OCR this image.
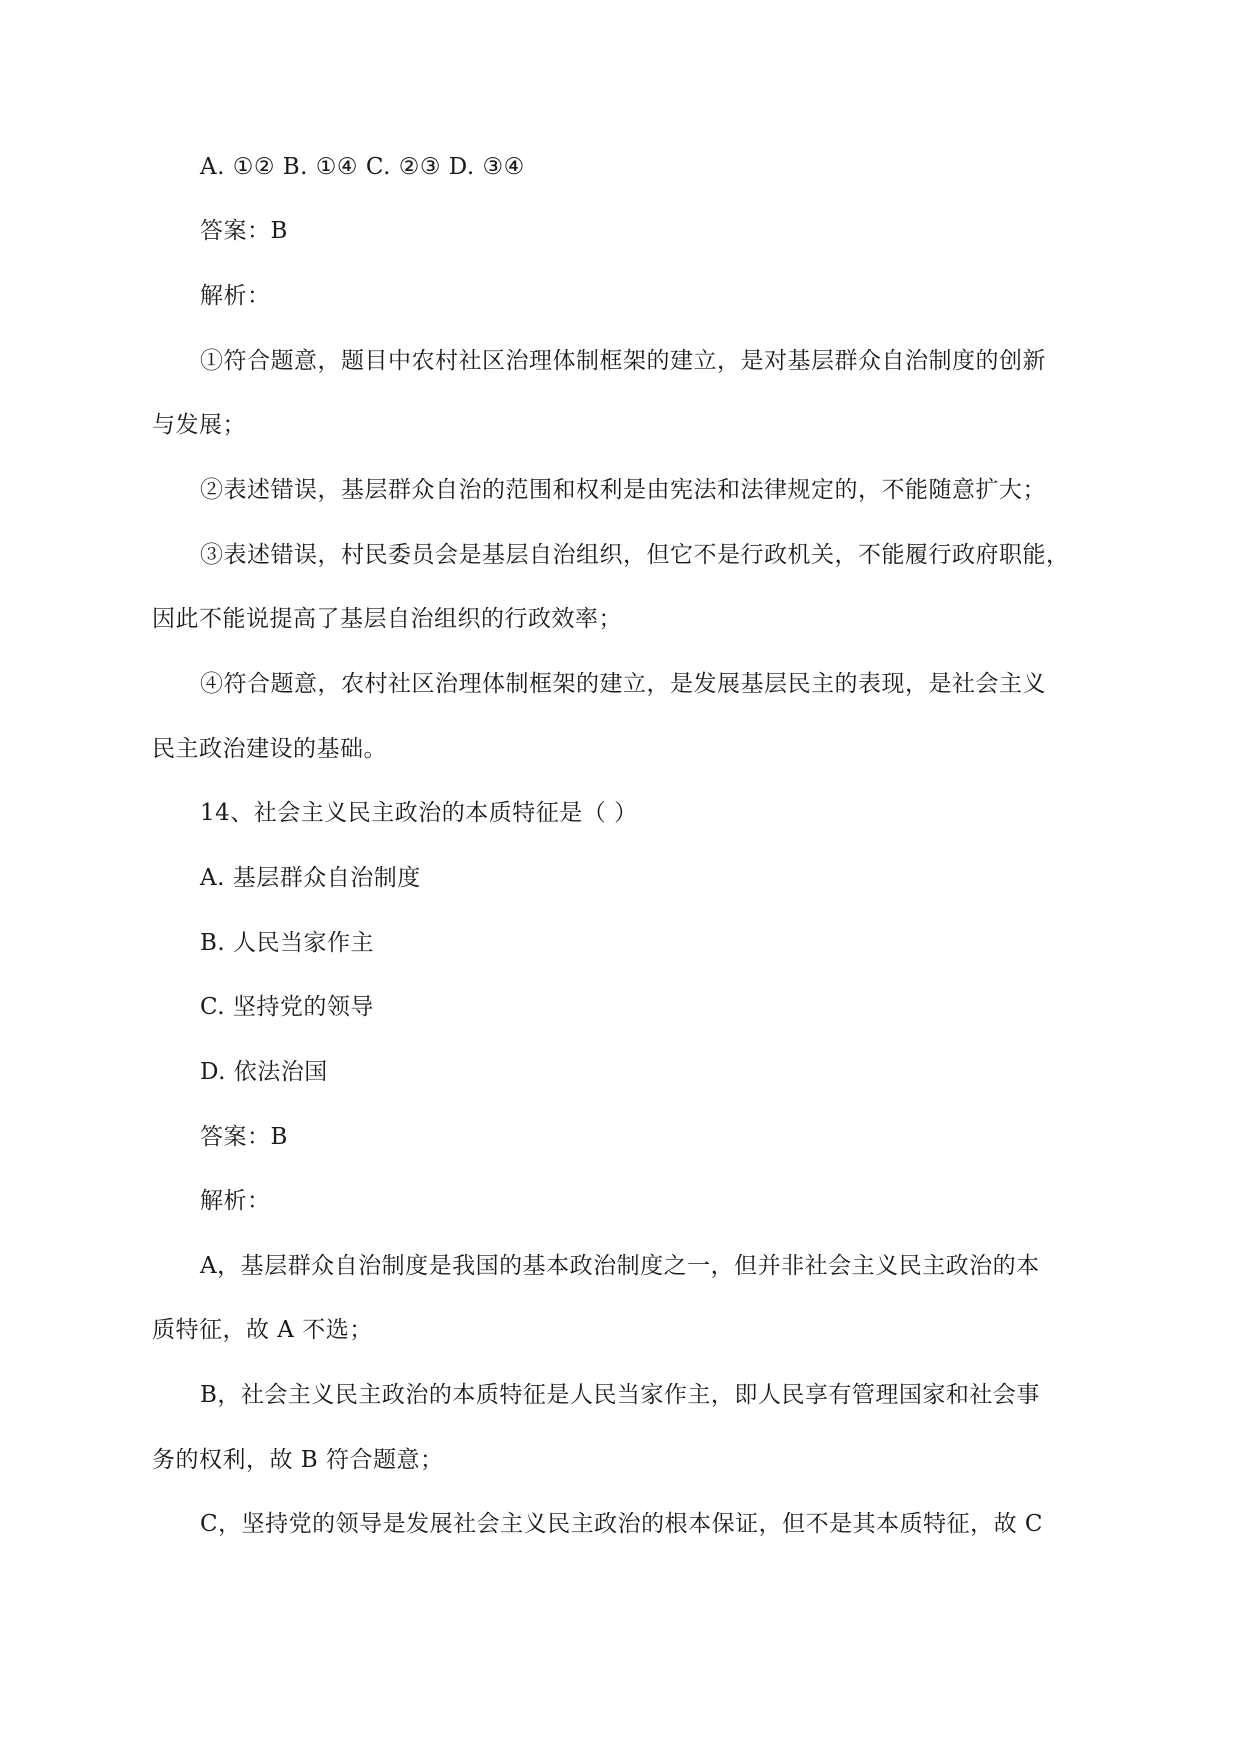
A. ①② B. ①④ C. ②③ D. ③④
答案：B
解析：
①符合题意，题目中农村社区治理体制框架的建立，是对基层群众自治制度的创新
与发展；
②表述错误，基层群众自治的范围和权利是由宪法和法律规定的，不能随意扩大；
③表述错误，村民委员会是基层自治组织，但它不是行政机关，不能履行政府职能，
因此不能说提高了基层自治组织的行政效率；
④符合题意，农村社区治理体制框架的建立，是发展基层民主的表现，是社会主义
民主政治建设的基础。
14、社会主义民主政治的本质特征是（ ）
A. 基层群众自治制度
B. 人民当家作主
C. 坚持党的领导
D. 依法治国
答案：B
解析：
A，基层群众自治制度是我国的基本政治制度之一，但并非社会主义民主政治的本
质特征，故 A 不选；
B，社会主义民主政治的本质特征是人民当家作主，即人民享有管理国家和社会事
务的权利，故 B 符合题意；
C，坚持党的领导是发展社会主义民主政治的根本保证，但不是其本质特征，故 C
